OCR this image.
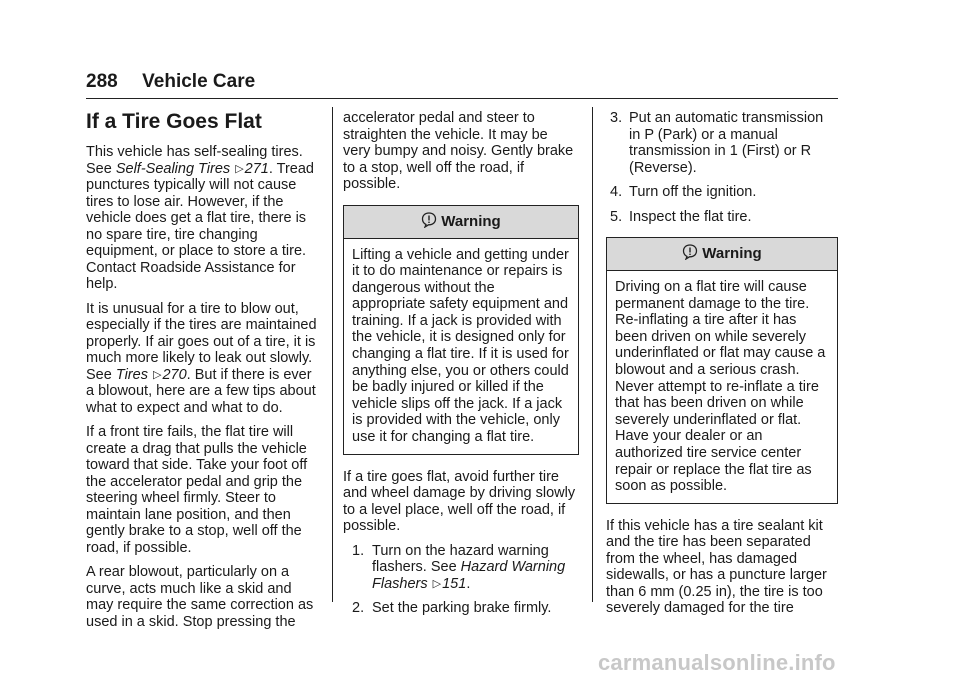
288 Vehicle Care
If a Tire Goes Flat

This vehicle has self-sealing tires. See Self-Sealing Tires ▷271. Tread punctures typically will not cause tires to lose air. However, if the vehicle does get a flat tire, there is no spare tire, tire changing equipment, or place to store a tire. Contact Roadside Assistance for help.

It is unusual for a tire to blow out, especially if the tires are maintained properly. If air goes out of a tire, it is much more likely to leak out slowly. See Tires ▷270. But if there is ever a blowout, here are a few tips about what to expect and what to do.

If a front tire fails, the flat tire will create a drag that pulls the vehicle toward that side. Take your foot off the accelerator pedal and grip the steering wheel firmly. Steer to maintain lane position, and then gently brake to a stop, well off the road, if possible.

A rear blowout, particularly on a curve, acts much like a skid and may require the same correction as used in a skid. Stop pressing the

accelerator pedal and steer to straighten the vehicle. It may be very bumpy and noisy. Gently brake to a stop, well off the road, if possible.

Warning

Lifting a vehicle and getting under it to do maintenance or repairs is dangerous without the appropriate safety equipment and training. If a jack is provided with the vehicle, it is designed only for changing a flat tire. If it is used for anything else, you or others could be badly injured or killed if the vehicle slips off the jack. If a jack is provided with the vehicle, only use it for changing a flat tire.

If a tire goes flat, avoid further tire and wheel damage by driving slowly to a level place, well off the road, if possible.

1. Turn on the hazard warning flashers. See Hazard Warning Flashers ▷151.
2. Set the parking brake firmly.
3. Put an automatic transmission in P (Park) or a manual transmission in 1 (First) or R (Reverse).
4. Turn off the ignition.
5. Inspect the flat tire.
Warning

Driving on a flat tire will cause permanent damage to the tire. Re-inflating a tire after it has been driven on while severely underinflated or flat may cause a blowout and a serious crash. Never attempt to re-inflate a tire that has been driven on while severely underinflated or flat. Have your dealer or an authorized tire service center repair or replace the flat tire as soon as possible.

If this vehicle has a tire sealant kit and the tire has been separated from the wheel, has damaged sidewalls, or has a puncture larger than 6 mm (0.25 in), the tire is too severely damaged for the tire

carmanualsonline.info
